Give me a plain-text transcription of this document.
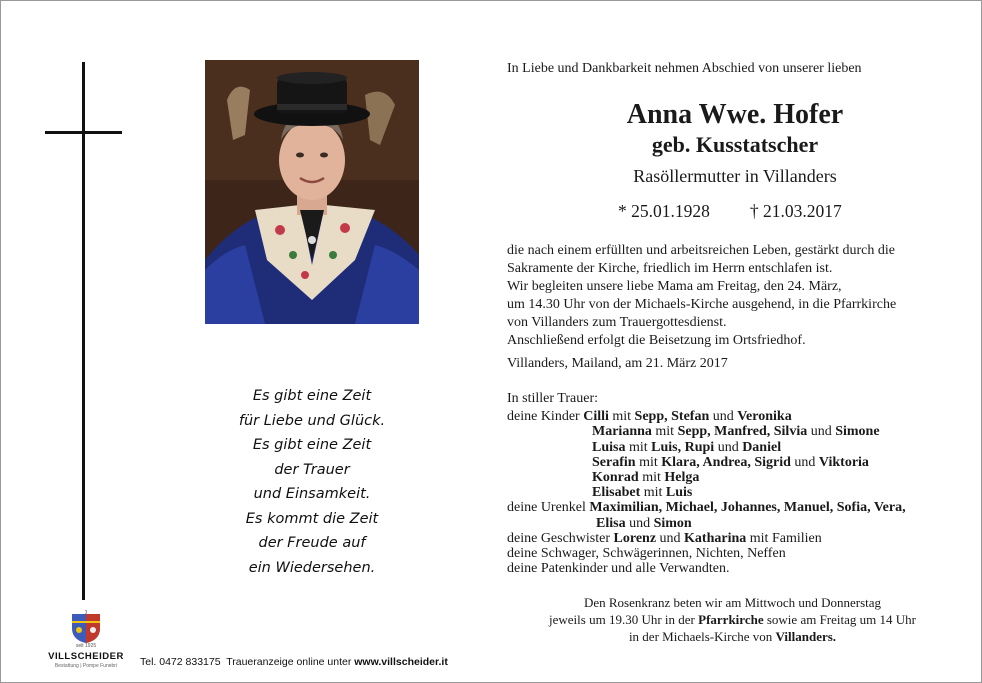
Es gibt eine Zeit
für Liebe und Glück.
Es gibt eine Zeit
der Trauer
und Einsamkeit.
Es kommt die Zeit
der Freude auf
ein Wiedersehen.
In Liebe und Dankbarkeit nehmen Abschied von unserer lieben
Anna Wwe. Hofer
geb. Kusstatscher
Rasöllermutter in Villanders
* 25.01.1928 † 21.03.2017
die nach einem erfüllten und arbeitsreichen Leben, gestärkt durch die
Sakramente der Kirche, friedlich im Herrn entschlafen ist.
Wir begleiten unsere liebe Mama am Freitag, den 24. März,
um 14.30 Uhr von der Michaels-Kirche ausgehend, in die Pfarrkirche
von Villanders zum Trauergottesdienst.
Anschließend erfolgt die Beisetzung im Ortsfriedhof.
Villanders, Mailand, am 21. März 2017
In stiller Trauer:
deine Kinder Cilli mit Sepp, Stefan und Veronika
Marianna mit Sepp, Manfred, Silvia und Simone
Luisa mit Luis, Rupi und Daniel
Serafin mit Klara, Andrea, Sigrid und Viktoria
Konrad mit Helga
Elisabet mit Luis
deine Urenkel Maximilian, Michael, Johannes, Manuel, Sofia, Vera,
Elisa und Simon
deine Geschwister Lorenz und Katharina mit Familien
deine Schwager, Schwägerinnen, Nichten, Neffen
deine Patenkinder und alle Verwandten.
Den Rosenkranz beten wir am Mittwoch und Donnerstag
jeweils um 19.30 Uhr in der Pfarrkirche sowie am Freitag um 14 Uhr
in der Michaels-Kirche von Villanders.
3
seit 1925
VILLSCHEIDER
Bestattung | Pompe Funebri	Tel. 0472 833175 Traueranzeige online unter www.villscheider.it
